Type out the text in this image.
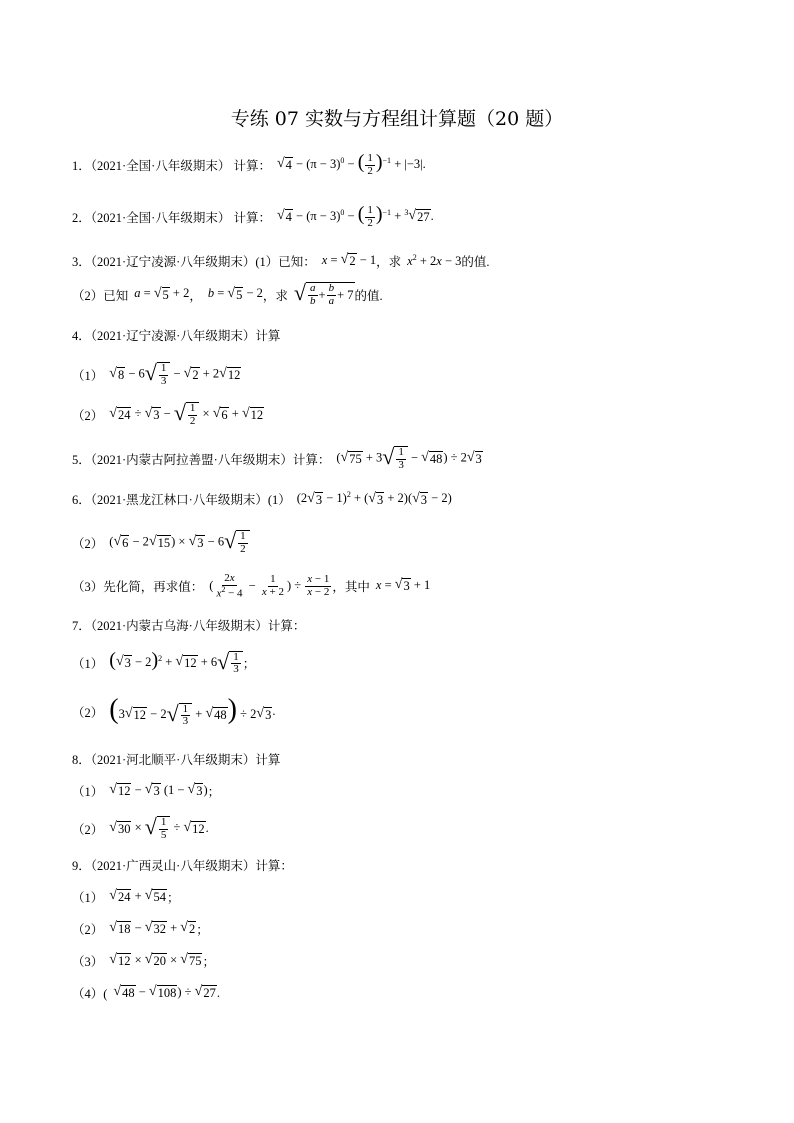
专练 07 实数与方程组计算题（20 题）
1．（2021·全国·八年级期末） 计算： √ $4 - (\pi - 3)^0$ − ( $\frac{1}{2} )^{-1} + |-3|$ .
2．（2021·全国·八年级期末） 计算： √ $4 - (\pi - 3)^0$ − ( $\frac{1}{2} )^{-1} + ^3$ √ 27 .
3．（2021·辽宁凌源·八年级期末）(1）已知： x = √ 2 − 1 ，求 $x^2 + 2x - 3$ 的值.
（2）已知 a = √ 5 + 2 ， b = √ 5 − 2 ，求 √ $\frac{a}{b} + \frac{b}{a} + 7$ 的值.
4．（2021·辽宁凌源·八年级期末）计算
（1） √ 8 − 6 √ $\frac{1}{3}$ − √ 2 + 2 √ 12
（2） √ 24 ÷ √ 3 − √ $\frac{1}{2}$ × √ 6 + √ 12
5．（2021·内蒙古阿拉善盟·八年级期末）计算： ( √ 75 + 3 √ $\frac{1}{3}$ − √ 48 ) ÷ 2 √ 3
6．（2021·黑龙江林口·八年级期末）(1） (2 √ 3 − 1)$^2$ + ( √ 3 + 2)( √ 3 − 2)
（2） ( √ 6 − 2 √ 15 ) × √ 3 − 6 √ $\frac{1}{2}$
（3）先化简，再求值： ( $\frac{2x}{x^2 - 4} - \frac{1}{x + 2}$ ) ÷ $\frac{x - 1}{x - 2}$ ，其中 x = √ 3 + 1
7．（2021·内蒙古乌海·八年级期末）计算：
（1） ( √ 3 − 2)$^2$ + √ 12 + 6 √ $\frac{1}{3}$ ；
（2） (3 √ 12 − 2 √ $\frac{1}{3}$ + √ 48 ) ÷ 2 √ 3 .
8．（2021·河北顺平·八年级期末）计算
（1） √ 12 − √ 3 (1 − √ 3 ) ；
（2） √ 30 × √ $\frac{1}{5}$ ÷ √ 12 .
9．（2021·广西灵山·八年级期末）计算：
（1） √ 24 + √ 54 ；
（2） √ 18 − √ 32 + √ 2 ；
（3） √ 12 × √ 20 × √ 75 ；
（4）( √ 48 − √ 108 ) ÷ √ 27 .
